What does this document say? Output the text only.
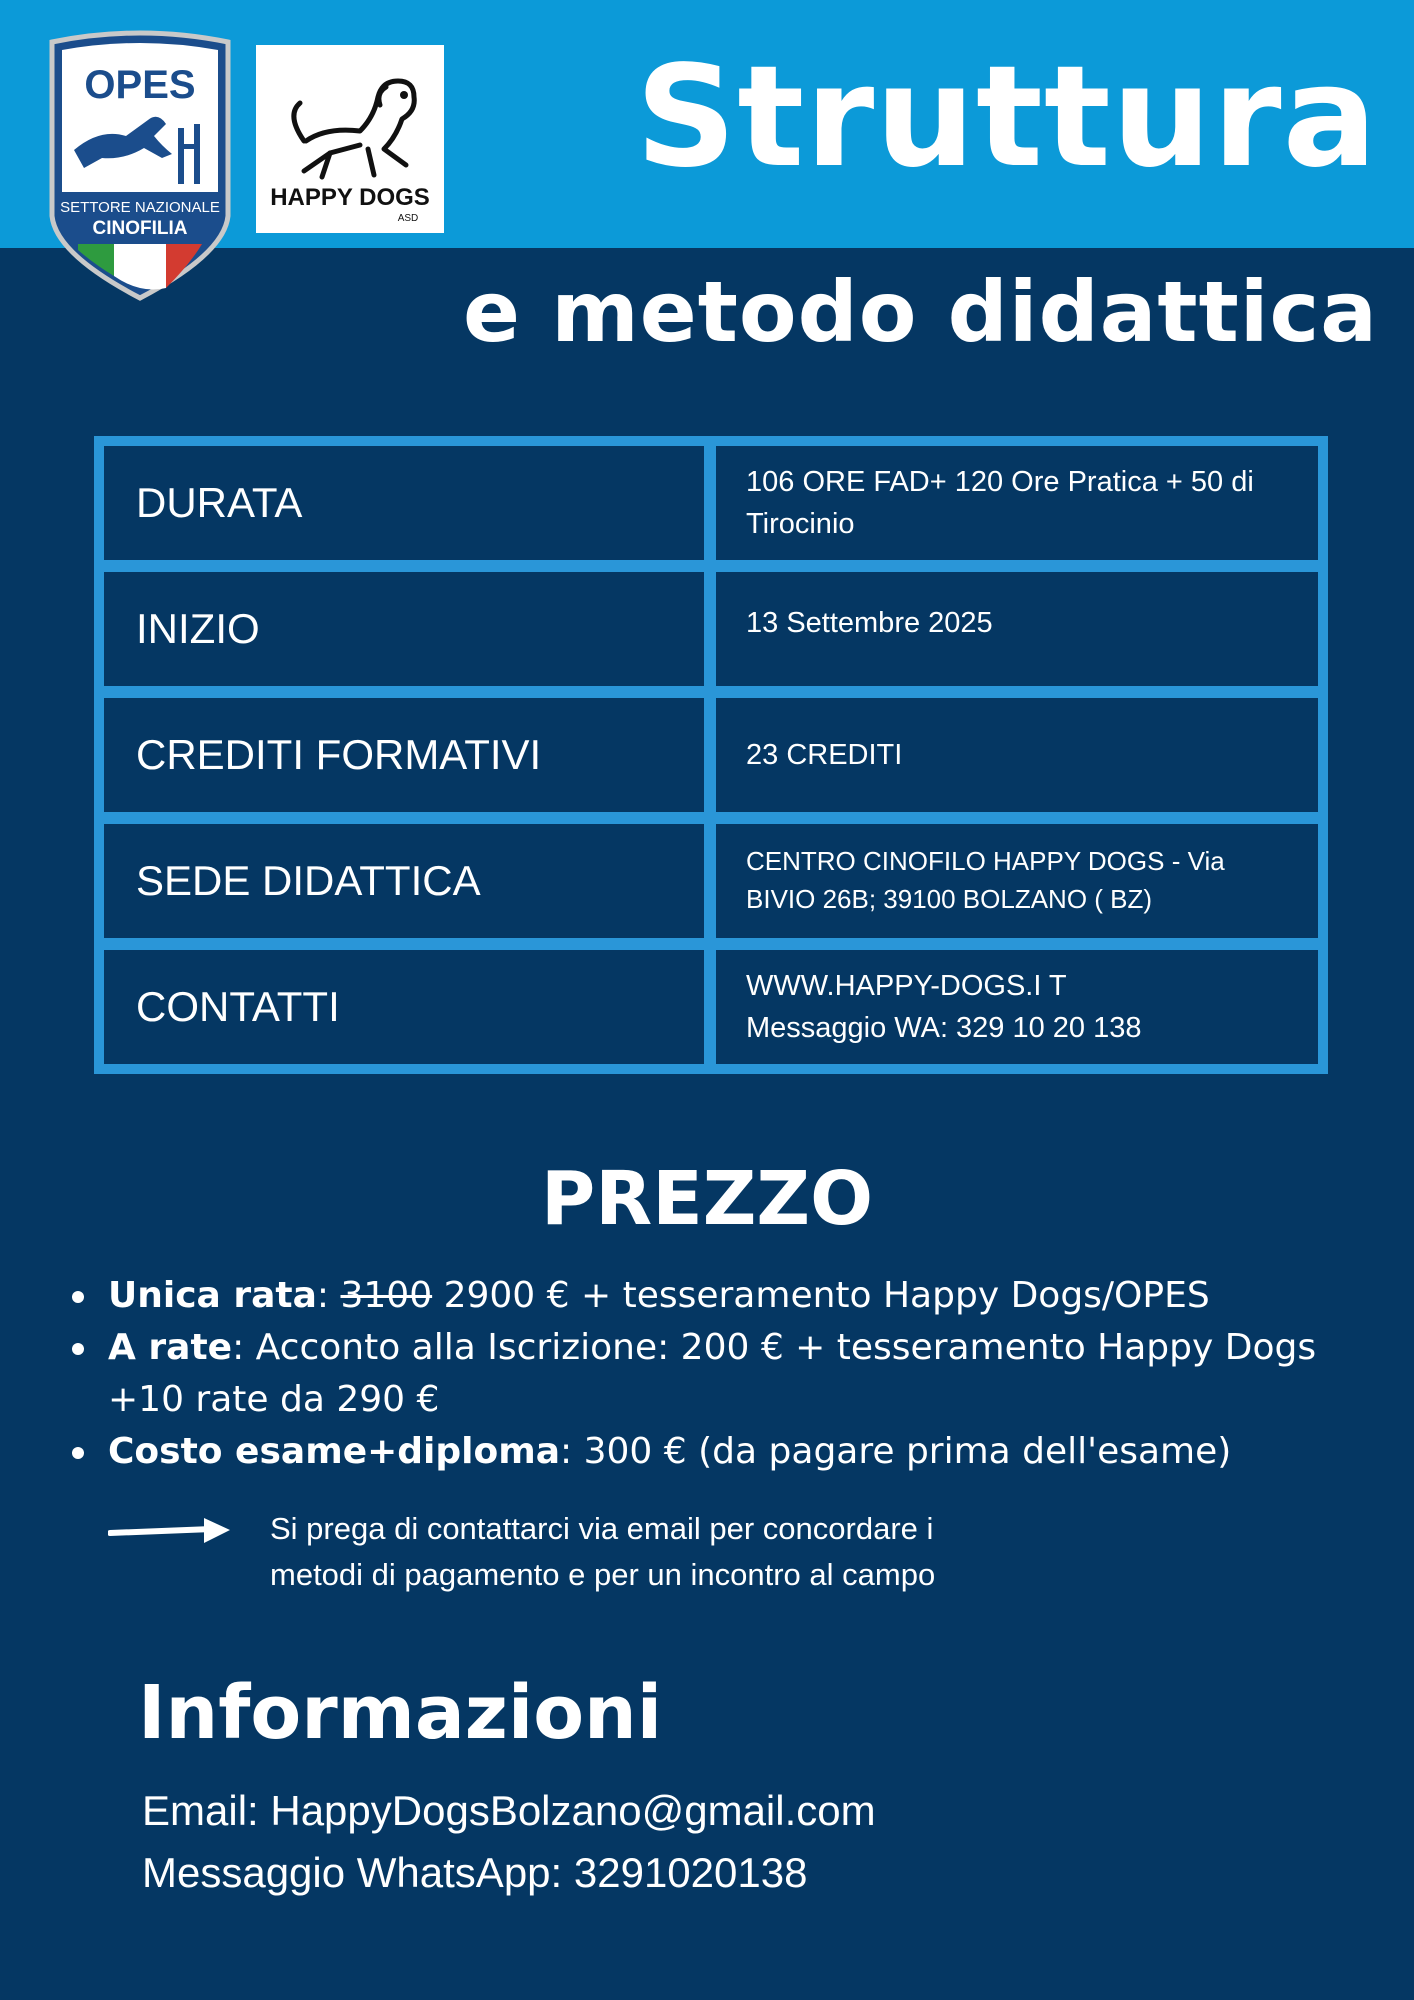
OPES
SETTORE NAZIONALE
CINOFILIA
HAPPY DOGS
ASD
Struttura
e metodo didattica
DURATA	106 ORE FAD+ 120 Ore Pratica + 50 di
Tirocinio
INIZIO	13 Settembre 2025
CREDITI FORMATIVI	23 CREDITI
SEDE DIDATTICA	CENTRO CINOFILO HAPPY DOGS - Via
BIVIO 26B; 39100 BOLZANO ( BZ)
CONTATTI	WWW.HAPPY-DOGS.I T
Messaggio WA: 329 10 20 138
PREZZO
Unica rata: 3100 2900 € + tesseramento Happy Dogs/OPES
A rate: Acconto alla Iscrizione: 200 € + tesseramento Happy Dogs +10 rate da 290 €
Costo esame+diploma: 300 € (da pagare prima dell'esame)
Si prega di contattarci via email per concordare i
metodi di pagamento e per un incontro al campo
Informazioni
Email: HappyDogsBolzano@gmail.com
Messaggio WhatsApp: 3291020138
